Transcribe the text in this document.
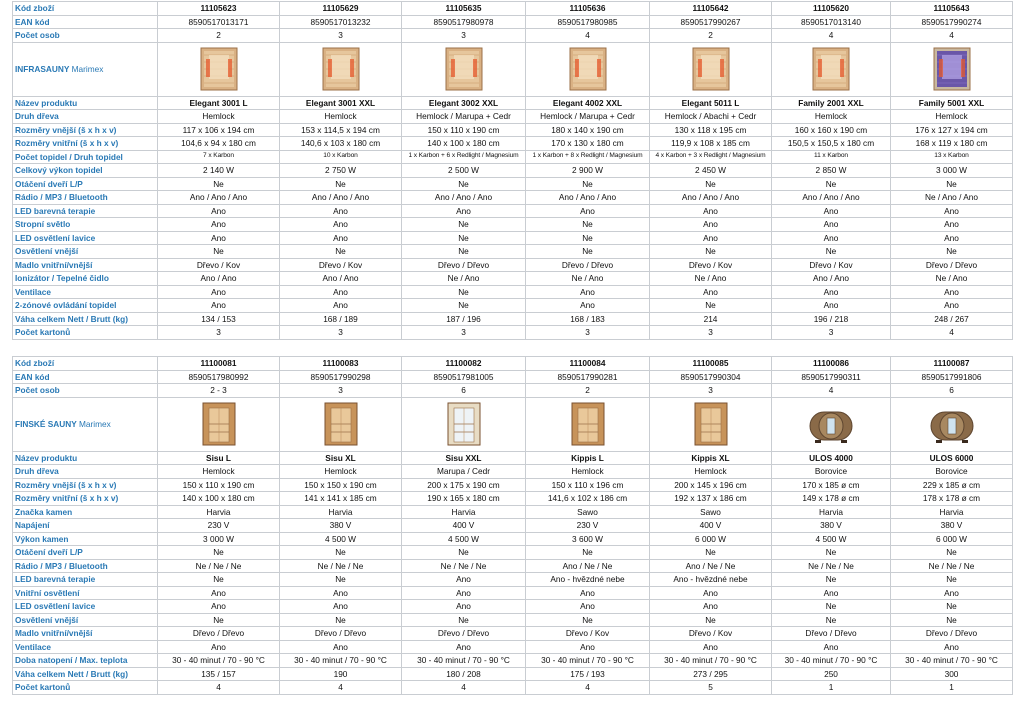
Kód zboží	11105623	11105629	11105635	11105636	11105642	11105620	11105643
EAN kód	8590517013171	8590517013232	8590517980978	8590517980985	8590517990267	8590517013140	8590517990274
Počet osob	2	3	3	4	2	4	4
INFRASAUNY Marimex	

Název produktu	Elegant 3001 L	Elegant 3001 XXL	Elegant 3002 XXL	Elegant 4002 XXL	Elegant 5011 L	Family 2001 XXL	Family 5001 XXL
Druh dřeva	Hemlock	Hemlock	Hemlock / Marupa + Cedr	Hemlock / Marupa + Cedr	Hemlock / Abachi + Cedr	Hemlock	Hemlock
Rozměry vnější (š x h x v)	117 x 106 x 194 cm	153 x 114,5 x 194 cm	150 x 110 x 190 cm	180 x 140 x 190 cm	130 x 118 x 195 cm	160 x 160 x 190 cm	176 x 127 x 194 cm
Rozměry vnitřní (š x h x v)	104,6 x 94 x 180 cm	140,6 x 103 x 180 cm	140 x 100 x 180 cm	170 x 130 x 180 cm	119,9 x 108 x 185 cm	150,5 x 150,5 x 180 cm	168 x 119 x 180 cm
Počet topidel / Druh topidel	7 x Karbon	10 x Karbon	1 x Karbon + 6 x Redlight / Magnesium	1 x Karbon + 8 x Redlight / Magnesium	4 x Karbon + 3 x Redlight / Magnesium	11 x Karbon	13 x Karbon
Celkový výkon topidel	2 140 W	2 750 W	2 500 W	2 900 W	2 450 W	2 850 W	3 000 W
Otáčení dveří L/P	Ne	Ne	Ne	Ne	Ne	Ne	Ne
Rádio / MP3 / Bluetooth	Ano / Ano / Ano	Ano / Ano / Ano	Ano / Ano / Ano	Ano / Ano / Ano	Ano / Ano / Ano	Ano / Ano / Ano	Ne / Ano / Ano
LED barevná terapie	Ano	Ano	Ano	Ano	Ano	Ano	Ano
Stropní světlo	Ano	Ano	Ne	Ne	Ano	Ano	Ano
LED osvětlení lavice	Ano	Ano	Ne	Ne	Ano	Ano	Ano
Osvětlení vnější	Ne	Ne	Ne	Ne	Ne	Ne	Ne
Madlo vnitřní/vnější	Dřevo / Kov	Dřevo / Kov	Dřevo / Dřevo	Dřevo / Dřevo	Dřevo / Kov	Dřevo / Kov	Dřevo / Dřevo
Ionizátor / Tepelné čidlo	Ano / Ano	Ano / Ano	Ne / Ano	Ne / Ano	Ne / Ano	Ano / Ano	Ne / Ano
Ventilace	Ano	Ano	Ne	Ano	Ano	Ano	Ano
2-zónové ovládání topidel	Ano	Ano	Ne	Ano	Ne	Ano	Ano
Váha celkem Nett / Brutt (kg)	134 / 153	168 / 189	187 / 196	168 / 183	214	196 / 218	248 / 267
Počet kartonů	3	3	3	3	3	3	4
Kód zboží	11100081	11100083	11100082	11100084	11100085	11100086	11100087
EAN kód	8590517980992	8590517990298	8590517981005	8590517990281	8590517990304	8590517990311	8590517991806
Počet osob	2 - 3	3	6	2	3	4	6
FINSKÉ SAUNY Marimex	

Název produktu	Sisu L	Sisu XL	Sisu XXL	Kippis L	Kippis XL	ULOS 4000	ULOS 6000
Druh dřeva	Hemlock	Hemlock	Marupa / Cedr	Hemlock	Hemlock	Borovice	Borovice
Rozměry vnější (š x h x v)	150 x 110 x 190 cm	150 x 150 x 190 cm	200 x 175 x 190 cm	150 x 110 x 196 cm	200 x 145 x 196 cm	170 x 185 ø cm	229 x 185 ø cm
Rozměry vnitřní (š x h x v)	140 x 100 x 180 cm	141 x 141 x 185 cm	190 x 165 x 180 cm	141,6 x 102 x 186 cm	192 x 137 x 186 cm	149 x 178 ø cm	178 x 178 ø cm
Značka kamen	Harvia	Harvia	Harvia	Sawo	Sawo	Harvia	Harvia
Napájení	230 V	380 V	400 V	230 V	400 V	380 V	380 V
Výkon kamen	3 000 W	4 500 W	4 500 W	3 600 W	6 000 W	4 500 W	6 000 W
Otáčení dveří L/P	Ne	Ne	Ne	Ne	Ne	Ne	Ne
Rádio / MP3 / Bluetooth	Ne / Ne / Ne	Ne / Ne / Ne	Ne / Ne / Ne	Ano / Ne / Ne	Ano / Ne / Ne	Ne / Ne / Ne	Ne / Ne / Ne
LED barevná terapie	Ne	Ne	Ano	Ano - hvězdné nebe	Ano - hvězdné nebe	Ne	Ne
Vnitřní osvětlení	Ano	Ano	Ano	Ano	Ano	Ano	Ano
LED osvětlení lavice	Ano	Ano	Ano	Ano	Ano	Ne	Ne
Osvětlení vnější	Ne	Ne	Ne	Ne	Ne	Ne	Ne
Madlo vnitřní/vnější	Dřevo / Dřevo	Dřevo / Dřevo	Dřevo / Dřevo	Dřevo / Kov	Dřevo / Kov	Dřevo / Dřevo	Dřevo / Dřevo
Ventilace	Ano	Ano	Ano	Ano	Ano	Ano	Ano
Doba natopení / Max. teplota	30 - 40 minut / 70 - 90 °C	30 - 40 minut / 70 - 90 °C	30 - 40 minut / 70 - 90 °C	30 - 40 minut / 70 - 90 °C	30 - 40 minut / 70 - 90 °C	30 - 40 minut / 70 - 90 °C	30 - 40 minut / 70 - 90 °C
Váha celkem Nett / Brutt (kg)	135 / 157	190	180 / 208	175 / 193	273 / 295	250	300
Počet kartonů	4	4	4	4	5	1	1
